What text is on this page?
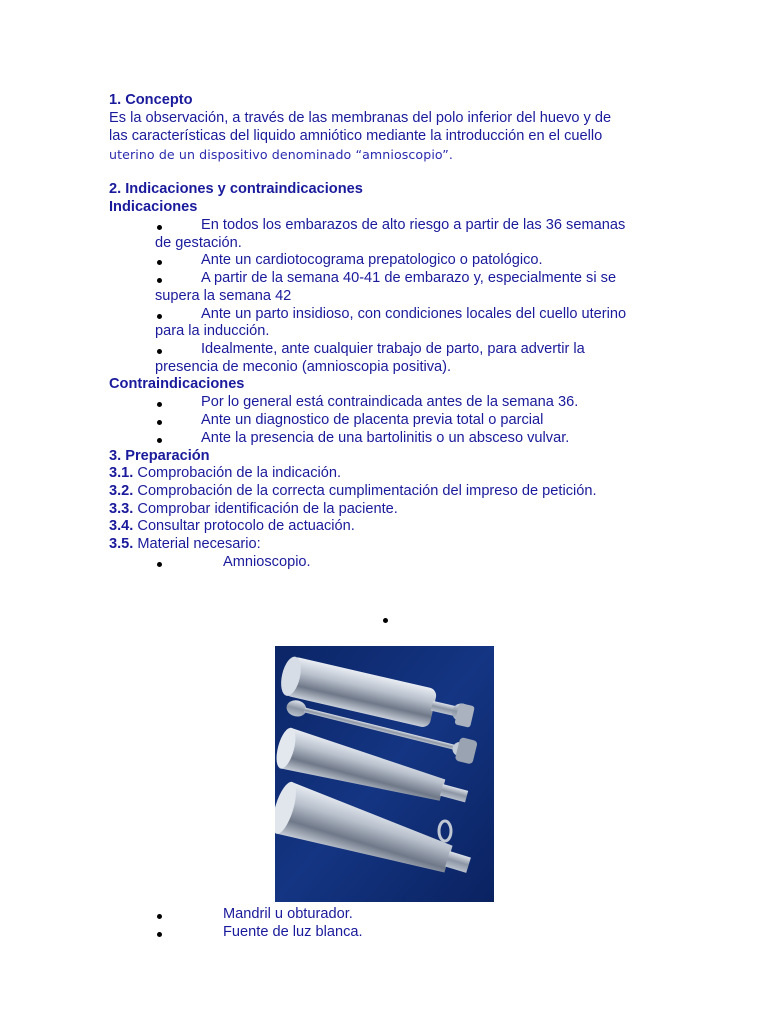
1. Concepto
Es la observación, a través de las membranas del polo inferior del huevo y de
las características del liquido amniótico mediante la introducción en el cuello
uterino de un dispositivo denominado “amnioscopio”.
2. Indicaciones y contraindicaciones
Indicaciones
En todos los embarazos de alto riesgo a partir de las 36 semanas
de gestación.
Ante un cardiotocograma prepatologico o patológico.
A partir de la semana 40-41 de embarazo y, especialmente si se
supera la semana 42
Ante un parto insidioso, con condiciones locales del cuello uterino
para la inducción.
Idealmente, ante cualquier trabajo de parto, para advertir la
presencia de meconio (amnioscopia positiva).
Contraindicaciones
Por lo general está contraindicada antes de la semana 36.
Ante un diagnostico de placenta previa total o parcial
Ante la presencia de una bartolinitis o un absceso vulvar.
3. Preparación
3.1. Comprobación de la indicación.
3.2. Comprobación de la correcta cumplimentación del impreso de petición.
3.3. Comprobar identificación de la paciente.
3.4. Consultar protocolo de actuación.
3.5. Material necesario:
Amnioscopio.
Mandril u obturador.
Fuente de luz blanca.
